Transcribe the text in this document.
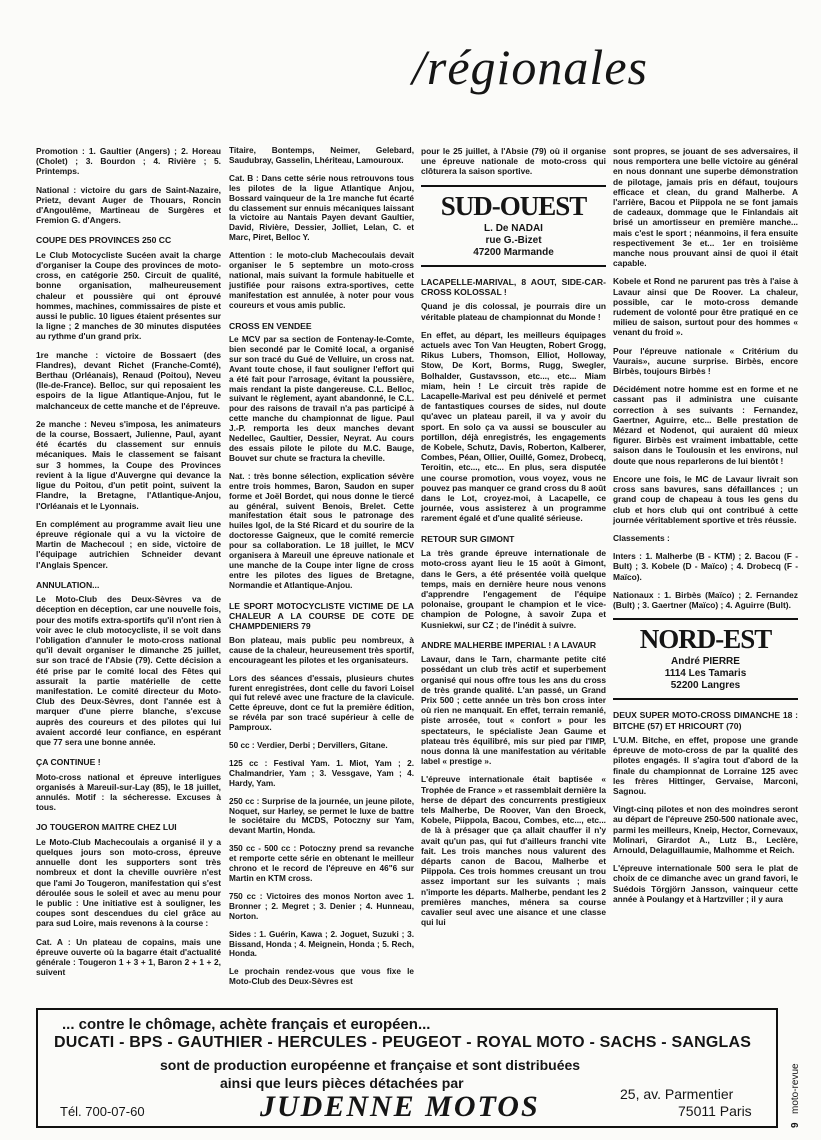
/régionales

Promotion : 1. Gaultier (Angers) ; 2. Horeau (Cholet) ; 3. Bourdon ; 4. Rivière ; 5. Printemps.

National : victoire du gars de Saint-Nazaire, Prietz, devant Auger de Thouars, Roncin d'Angoulême, Martineau de Surgères et Fremion G. d'Angers.

COUPE DES PROVINCES 250 CC

Le Club Motocycliste Sucéen avait la charge d'organiser la Coupe des provinces de moto-cross, en catégorie 250. Circuit de qualité, bonne organisation, malheureusement chaleur et poussière qui ont éprouvé hommes, machines, commissaires de piste et aussi le public. 10 ligues étaient présentes sur la ligne ; 2 manches de 30 minutes disputées au rythme d'un grand prix.

1re manche : victoire de Bossaert (des Flandres), devant Richet (Franche-Comté), Berthau (Orléanais), Renaud (Poitou), Neveu (Ile-de-France). Belloc, sur qui reposaient les espoirs de la ligue Atlantique-Anjou, fut le malchanceux de cette manche et de l'épreuve.

2e manche : Neveu s'imposa, les animateurs de la course, Bossaert, Julienne, Paul, ayant été écartés du classement sur ennuis mécaniques. Mais le classement se faisant sur 3 hommes, la Coupe des Provinces revient à la ligue d'Auvergne qui devance la ligue du Poitou, d'un petit point, suivent la Flandre, la Bretagne, l'Atlantique-Anjou, l'Orléanais et le Lyonnais.

En complément au programme avait lieu une épreuve régionale qui a vu la victoire de Martin de Machecoul ; en side, victoire de l'équipage autrichien Schneider devant l'Anglais Spencer.

ANNULATION...

Le Moto-Club des Deux-Sèvres va de déception en déception, car une nouvelle fois, pour des motifs extra-sportifs qu'il n'ont rien à voir avec le club motocycliste, il se voit dans l'obligation d'annuler le moto-cross national qu'il devait organiser le dimanche 25 juillet, sur son tracé de l'Absie (79). Cette décision a été prise par le comité local des Fêtes qui assurait la partie matérielle de cette manifestation. Le comité directeur du Moto-Club des Deux-Sèvres, dont l'année est à marquer d'une pierre blanche, s'excuse auprès des coureurs et des pilotes qui lui avaient accordé leur confiance, en espérant que 77 sera une bonne année.

ÇA CONTINUE !

Moto-cross national et épreuve interligues organisés à Mareuil-sur-Lay (85), le 18 juillet, annulés. Motif : la sécheresse. Excuses à tous.

JO TOUGERON MAITRE CHEZ LUI

Le Moto-Club Machecoulais a organisé il y a quelques jours son moto-cross, épreuve annuelle dont les supporters sont très nombreux et dont la cheville ouvrière n'est que l'ami Jo Tougeron, manifestation qui s'est déroulée sous le soleil et avec au menu pour le public : Une initiative est à souligner, les coupes sont descendues du ciel grâce au para sud Loire, mais revenons à la course :

Cat. A : Un plateau de copains, mais une épreuve ouverte où la bagarre était d'actualité générale : Tougeron 1 + 3 + 1, Baron 2 + 1 + 2, suivent

Titaire, Bontemps, Neimer, Gelebard, Saudubray, Gasselin, Lhériteau, Lamouroux.

Cat. B : Dans cette série nous retrouvons tous les pilotes de la ligue Atlantique Anjou, Bossard vainqueur de la 1re manche fut écarté du classement sur ennuis mécaniques laissant la victoire au Nantais Payen devant Gaultier, David, Rivière, Dessier, Jolliet, Lelan, C. et Marc, Piret, Belloc Y.

Attention : le moto-club Machecoulais devait organiser le 5 septembre un moto-cross national, mais suivant la formule habituelle et justifiée pour raisons extra-sportives, cette manifestation est annulée, à noter pour vous coureurs et vous amis public.

CROSS EN VENDEE

Le MCV par sa section de Fontenay-le-Comte, bien secondé par le Comité local, a organisé sur son tracé du Gué de Velluire, un cross nat. Avant toute chose, il faut souligner l'effort qui a été fait pour l'arrosage, évitant la poussière, mais rendant la piste dangereuse. C.L. Belloc, suivant le règlement, ayant abandonné, le C.L. pour des raisons de travail n'a pas participé à cette manche du championnat de ligue. Paul J.-P. remporta les deux manches devant Nedellec, Gaultier, Dessier, Neyrat. Au cours des essais pilote le pilote du M.C. Bauge, Bouvet sur chute se fractura la cheville.

Nat. : très bonne sélection, explication sévère entre trois hommes, Baron, Saudon en super forme et Joël Bordet, qui nous donne le tiercé au général, suivent Benois, Brelet. Cette manifestation était sous le patronage des huiles Igol, de la Sté Ricard et du sourire de la doctoresse Gaigneux, que le comité remercie pour sa collaboration. Le 18 juillet, le MCV organisera à Mareuil une épreuve nationale et une manche de la Coupe inter ligne de cross entre les pilotes des ligues de Bretagne, Normandie et Atlantique-Anjou.

LE SPORT MOTOCYCLISTE VICTIME DE LA CHALEUR A LA COURSE DE COTE DE CHAMPDENIERS 79

Bon plateau, mais public peu nombreux, à cause de la chaleur, heureusement très sportif, encourageant les pilotes et les organisateurs.

Lors des séances d'essais, plusieurs chutes furent enregistrées, dont celle du favori Loisel qui fut relevé avec une fracture de la clavicule. Cette épreuve, dont ce fut la première édition, se révéla par son tracé supérieur à celle de Pamproux.

50 cc : Verdier, Derbi ; Dervillers, Gitane.

125 cc : Festival Yam. 1. Miot, Yam ; 2. Chalmandrier, Yam ; 3. Vessgave, Yam ; 4. Hardy, Yam.

250 cc : Surprise de la journée, un jeune pilote, Noquet, sur Harley, se permet le luxe de battre le sociétaire du MCDS, Potoczny sur Yam, devant Martin, Honda.

350 cc - 500 cc : Potoczny prend sa revanche et remporte cette série en obtenant le meilleur chrono et le record de l'épreuve en 46"6 sur Martin en KTM cross.

750 cc : Victoires des monos Norton avec 1. Bronner ; 2. Megret ; 3. Denier ; 4. Hunneau, Norton.

Sides : 1. Guérin, Kawa ; 2. Joguet, Suzuki ; 3. Bissand, Honda ; 4. Meignein, Honda ; 5. Rech, Honda.

Le prochain rendez-vous que vous fixe le Moto-Club des Deux-Sèvres est

pour le 25 juillet, à l'Absie (79) où il organise une épreuve nationale de moto-cross qui clôturera la saison sportive.

SUD-OUEST
L. De NADAI
rue G.-Bizet
47200 Marmande
LACAPELLE-MARIVAL, 8 AOUT, SIDE-CAR-CROSS KOLOSSAL !

Quand je dis colossal, je pourrais dire un véritable plateau de championnat du Monde !

En effet, au départ, les meilleurs équipages actuels avec Ton Van Heugten, Robert Grogg, Rikus Lubers, Thomson, Elliot, Holloway, Stow, De Kort, Borms, Rugg, Swegler, Bolhalder, Gustavsson, etc..., etc... Miam miam, hein ! Le circuit très rapide de Lacapelle-Marival est peu dénivelé et permet de fantastiques courses de sides, nul doute qu'avec un plateau pareil, il va y avoir du sport. En solo ça va aussi se bousculer au portillon, déjà enregistrés, les engagements de Kobele, Schutz, Davis, Roberton, Kalberer, Combes, Péan, Ollier, Ouillé, Gomez, Drobecq, Teroitin, etc..., etc... En plus, sera disputée une course promotion, vous voyez, vous ne pouvez pas manquer ce grand cross du 8 août dans le Lot, croyez-moi, à Lacapelle, ce journée, vous assisterez à un programme rarement égalé et d'une qualité sérieuse.

RETOUR SUR GIMONT

La très grande épreuve internationale de moto-cross ayant lieu le 15 août à Gimont, dans le Gers, a été présentée voilà quelque temps, mais en dernière heure nous venons d'apprendre l'engagement de l'équipe polonaise, groupant le champion et le vice-champion de Pologne, à savoir Zupa et Kusniekwi, sur CZ ; de l'inédit à suivre.

ANDRE MALHERBE IMPERIAL ! A LAVAUR

Lavaur, dans le Tarn, charmante petite cité possédant un club très actif et superbement organisé qui nous offre tous les ans du cross de très grande qualité. L'an passé, un Grand Prix 500 ; cette année un très bon cross inter où rien ne manquait. En effet, terrain remanié, piste arrosée, tout « confort » pour les spectateurs, le spécialiste Jean Gaume et plateau très équilibré, mis sur pied par l'IMP, nous donna là une manifestation au véritable label « prestige ».

L'épreuve internationale était baptisée « Trophée de France » et rassemblait dernière la herse de départ des concurrents prestigieux tels Malherbe, De Roover, Van den Broeck, Kobele, Piippola, Bacou, Combes, etc..., etc... de là à présager que ça allait chauffer il n'y avait qu'un pas, qui fut d'ailleurs franchi vite fait. Les trois manches nous valurent des départs canon de Bacou, Malherbe et Piippola. Ces trois hommes creusant un trou assez important sur les suivants ; mais n'importe les départs. Malherbe, pendant les 2 premières manches, ménera sa course cavalier seul avec une aisance et une classe qui lui

sont propres, se jouant de ses adversaires, il nous remportera une belle victoire au général en nous donnant une superbe démonstration de pilotage, jamais pris en défaut, toujours efficace et clean, du grand Malherbe. A l'arrière, Bacou et Piippola ne se font jamais de cadeaux, dommage que le Finlandais ait brisé un amortisseur en première manche... mais c'est le sport ; néanmoins, il fera ensuite respectivement 3e et... 1er en troisième manche nous prouvant ainsi de quoi il était capable.

Kobele et Rond ne parurent pas très à l'aise à Lavaur ainsi que De Roover. La chaleur, possible, car le moto-cross demande rudement de volonté pour être pratiqué en ce milieu de saison, surtout pour des hommes « venant du froid ».

Pour l'épreuve nationale « Critérium du Vaurais», aucune surprise. Birbès, encore Birbès, toujours Birbès !

Décidément notre homme est en forme et ne cassant pas il administra une cuisante correction à ses suivants : Fernandez, Gaertner, Aguirre, etc... Belle prestation de Mézard et Nodenot, qui auraient dû mieux figurer. Birbès est vraiment imbattable, cette saison dans le Toulousin et les environs, nul doute que nous reparlerons de lui bientôt !

Encore une fois, le MC de Lavaur livrait son cross sans bavures, sans défaillances ; un grand coup de chapeau à tous les gens du club et hors club qui ont contribué à cette journée véritablement sportive et très réussie.

Classements :

Inters : 1. Malherbe (B - KTM) ; 2. Bacou (F - Bult) ; 3. Kobele (D - Maïco) ; 4. Drobecq (F - Maïco).

Nationaux : 1. Birbès (Maïco) ; 2. Fernandez (Bult) ; 3. Gaertner (Maïco) ; 4. Aguirre (Bult).

NORD-EST
André PIERRE
1114 Les Tamaris
52200 Langres
DEUX SUPER MOTO-CROSS DIMANCHE 18 : BITCHE (57) ET HRICOURT (70)

L'U.M. Bitche, en effet, propose une grande épreuve de moto-cross de par la qualité des pilotes engagés. Il s'agira tout d'abord de la finale du championnat de Lorraine 125 avec les frères Hittinger, Gervaise, Marconi, Sagnou.

Vingt-cinq pilotes et non des moindres seront au départ de l'épreuve 250-500 nationale avec, parmi les meilleurs, Kneip, Hector, Cornevaux, Molinari, Girardot A., Lutz B., Leclère, Arnould, Delaguillaumie, Malhomme et Reich.

L'épreuve internationale 500 sera le plat de choix de ce dimanche avec un grand favori, le Suédois Törgjörn Jansson, vainqueur cette année à Poulangy et à Hartzviller ; il y aura

... contre le chômage, achète français et européen...
DUCATI - BPS - GAUTHIER - HERCULES - PEUGEOT - ROYAL MOTO - SACHS - SANGLAS
sont de production européenne et française et sont distribuées
ainsi que leurs pièces détachées par
Tél. 700-07-60	JUDENNE MOTOS	25, av. Parmentier
75011 Paris
9
moto-revue
